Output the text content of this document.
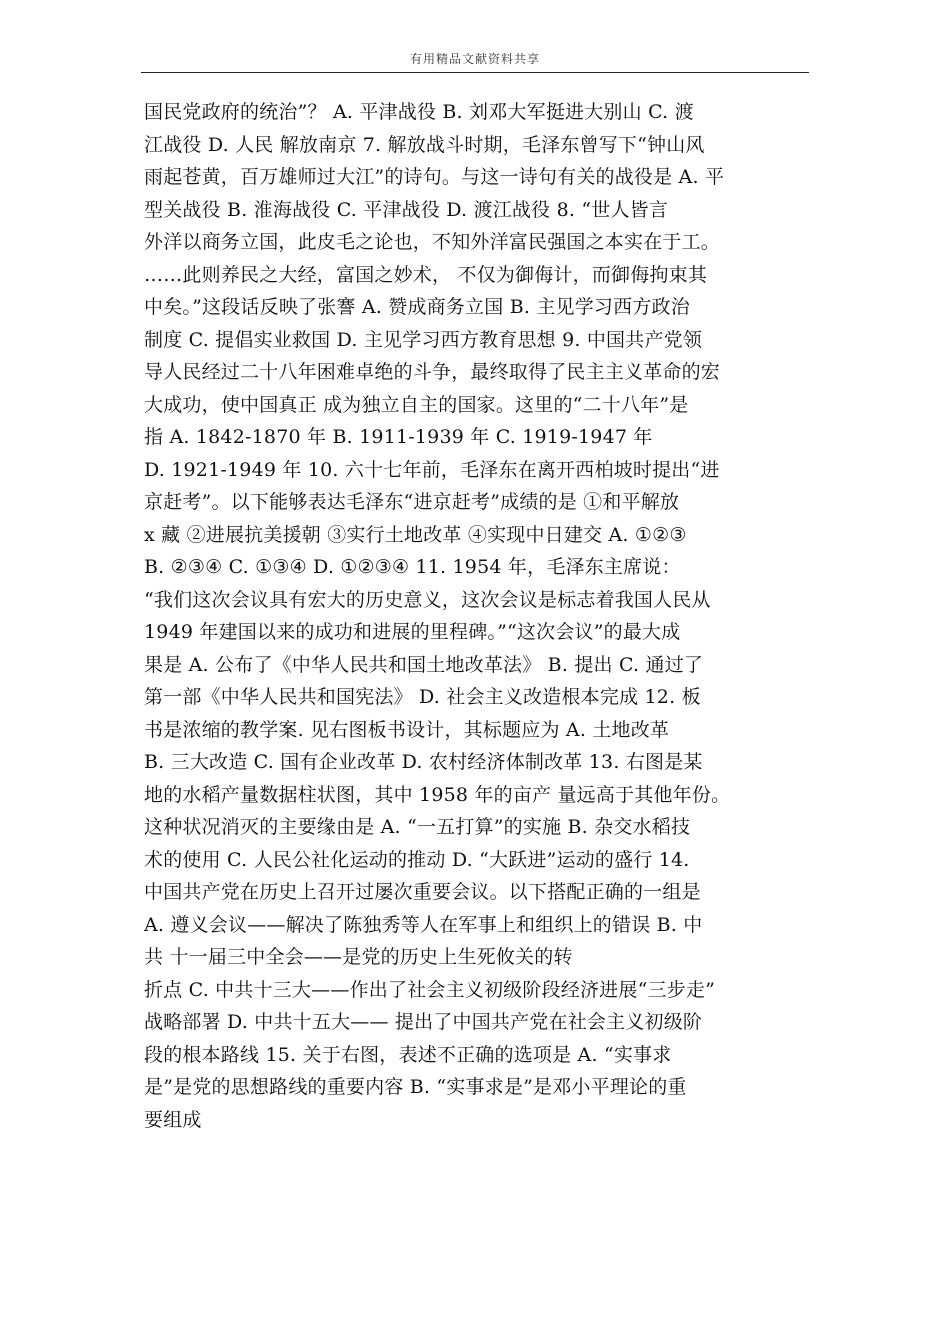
有用精品文献资料共享
国民党政府的统治”？ A. 平津战役 B. 刘邓大军挺进大别山 C. 渡
江战役 D. 人民 解放南京 7. 解放战斗时期，毛泽东曾写下“钟山风
雨起苍黄，百万雄师过大江”的诗句。与这一诗句有关的战役是 A. 平
型关战役 B. 淮海战役 C. 平津战役 D. 渡江战役 8. “世人皆言
外洋以商务立国，此皮毛之论也，不知外洋富民强国之本实在于工。
……此则养民之大经，富国之妙术， 不仅为御侮计，而御侮拘束其
中矣。”这段话反映了张謇 A. 赞成商务立国 B. 主见学习西方政治
制度 C. 提倡实业救国 D. 主见学习西方教育思想 9. 中国共产党领
导人民经过二十八年困难卓绝的斗争，最终取得了民主主义革命的宏
大成功，使中国真正 成为独立自主的国家。这里的“二十八年”是
指 A. 1842-1870 年 B. 1911-1939 年 C. 1919-1947 年
D. 1921-1949 年 10. 六十七年前，毛泽东在离开西柏坡时提出“进
京赶考”。以下能够表达毛泽东“进京赶考”成绩的是 ①和平解放
x 藏 ②进展抗美援朝 ③实行土地改革 ④实现中日建交 A. ①②③
B. ②③④ C. ①③④ D. ①②③④ 11. 1954 年，毛泽东主席说：
“我们这次会议具有宏大的历史意义，这次会议是标志着我国人民从
1949 年建国以来的成功和进展的里程碑。”“这次会议”的最大成
果是 A. 公布了《中华人民共和国土地改革法》 B. 提出 C. 通过了
第一部《中华人民共和国宪法》 D. 社会主义改造根本完成 12. 板
书是浓缩的教学案. 见右图板书设计，其标题应为 A. 土地改革
B. 三大改造 C. 国有企业改革 D. 农村经济体制改革 13. 右图是某
地的水稻产量数据柱状图，其中 1958 年的亩产 量远高于其他年份。
这种状况消灭的主要缘由是 A. “一五打算”的实施 B. 杂交水稻技
术的使用 C. 人民公社化运动的推动 D. “大跃进”运动的盛行 14.
中国共产党在历史上召开过屡次重要会议。以下搭配正确的一组是
A. 遵义会议——解决了陈独秀等人在军事上和组织上的错误 B. 中
共 十一届三中全会——是党的历史上生死攸关的转
折点 C. 中共十三大——作出了社会主义初级阶段经济进展“三步走”
战略部署 D. 中共十五大—— 提出了中国共产党在社会主义初级阶
段的根本路线 15. 关于右图，表述不正确的选项是 A. “实事求
是”是党的思想路线的重要内容 B. “实事求是”是邓小平理论的重
要组成
